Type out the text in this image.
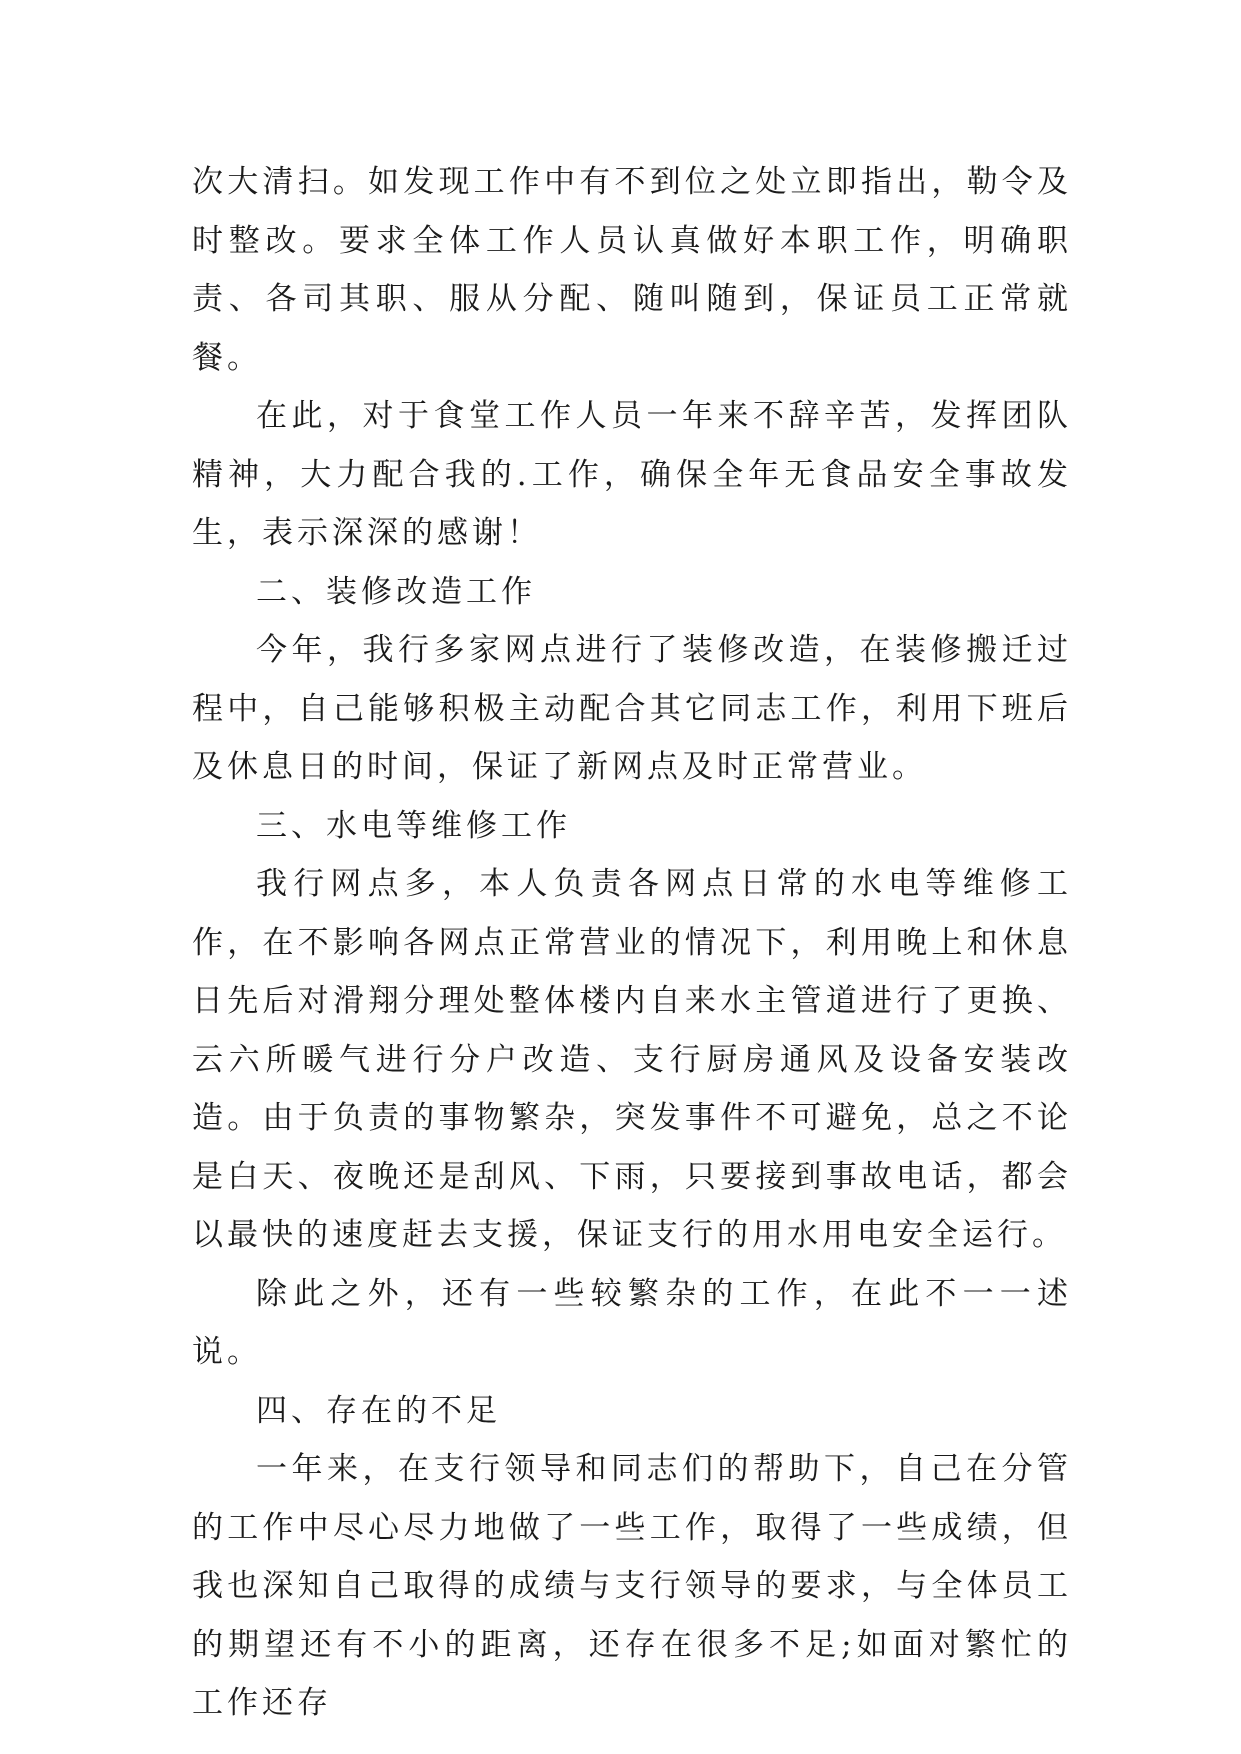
次大清扫。如发现工作中有不到位之处立即指出，勒令及时整改。要求全体工作人员认真做好本职工作，明确职责、各司其职、服从分配、随叫随到，保证员工正常就餐。

在此，对于食堂工作人员一年来不辞辛苦，发挥团队精神，大力配合我的.工作，确保全年无食品安全事故发生，表示深深的感谢！

二、装修改造工作

今年，我行多家网点进行了装修改造，在装修搬迁过程中，自己能够积极主动配合其它同志工作，利用下班后及休息日的时间，保证了新网点及时正常营业。

三、水电等维修工作

我行网点多，本人负责各网点日常的水电等维修工作，在不影响各网点正常营业的情况下，利用晚上和休息日先后对滑翔分理处整体楼内自来水主管道进行了更换、云六所暖气进行分户改造、支行厨房通风及设备安装改造。由于负责的事物繁杂，突发事件不可避免，总之不论是白天、夜晚还是刮风、下雨，只要接到事故电话，都会以最快的速度赶去支援，保证支行的用水用电安全运行。

除此之外，还有一些较繁杂的工作，在此不一一述说。

四、存在的不足

一年来，在支行领导和同志们的帮助下，自己在分管的工作中尽心尽力地做了一些工作，取得了一些成绩，但我也深知自己取得的成绩与支行领导的要求，与全体员工的期望还有不小的距离，还存在很多不足;如面对繁忙的工作还存
